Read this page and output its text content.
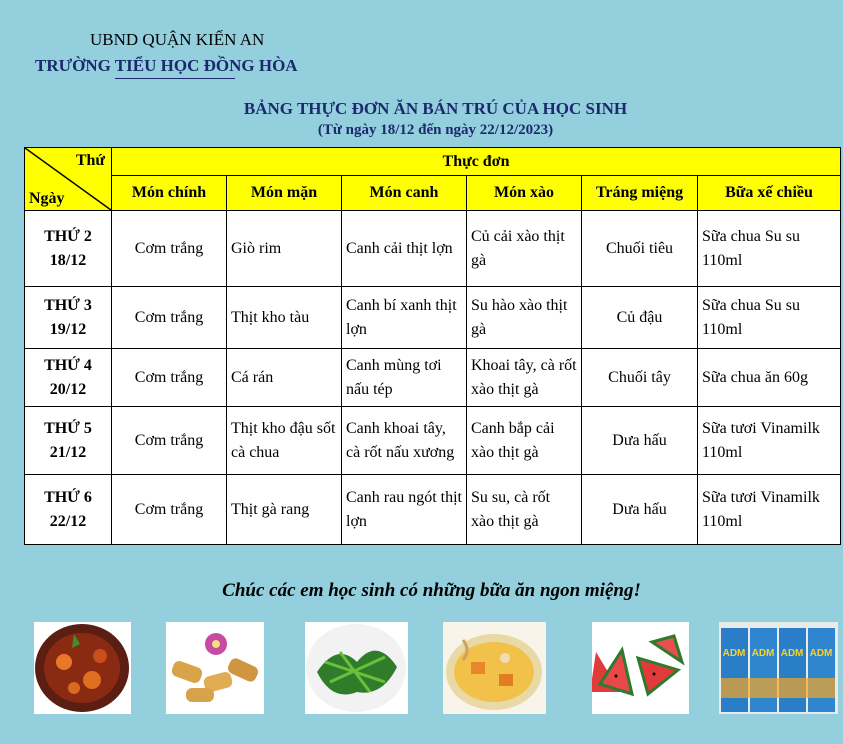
UBND QUẬN KIẾN AN
TRƯỜNG TIỂU HỌC ĐỒNG HÒA
BẢNG THỰC ĐƠN ĂN BÁN TRÚ CỦA HỌC SINH
(Từ ngày 18/12 đến ngày 22/12/2023)
Thứ
Ngày	Thực đơn					
	Món chính	Món mặn	Món canh	Món xào	Tráng miệng	Bữa xế chiều

THỨ 2
18/12	Cơm trắng	Giò rim	Canh cải thịt lợn	Củ cải xào thịt gà	Chuối tiêu	Sữa chua Su su 110ml

THỨ 3
19/12	Cơm trắng	Thịt kho tàu	Canh bí xanh thịt lợn	Su hào xào thịt gà	Củ đậu	Sữa chua Su su 110ml

THỨ 4
20/12	Cơm trắng	Cá rán	Canh mùng tơi nấu tép	Khoai tây, cà rốt xào thịt gà	Chuối tây	Sữa chua ăn 60g

THỨ 5
21/12	Cơm trắng	Thịt kho đậu sốt cà chua	Canh khoai tây, cà rốt nấu xương	Canh bắp cải xào thịt gà	Dưa hấu	Sữa tươi Vinamilk 110ml

THỨ 6
22/12	Cơm trắng	Thịt gà rang	Canh rau ngót thịt lợn	Su su, cà rốt xào thịt gà	Dưa hấu	Sữa tươi Vinamilk 110ml
Chúc các em học sinh có những bữa ăn ngon miệng!
ADM ADM ADM ADM
